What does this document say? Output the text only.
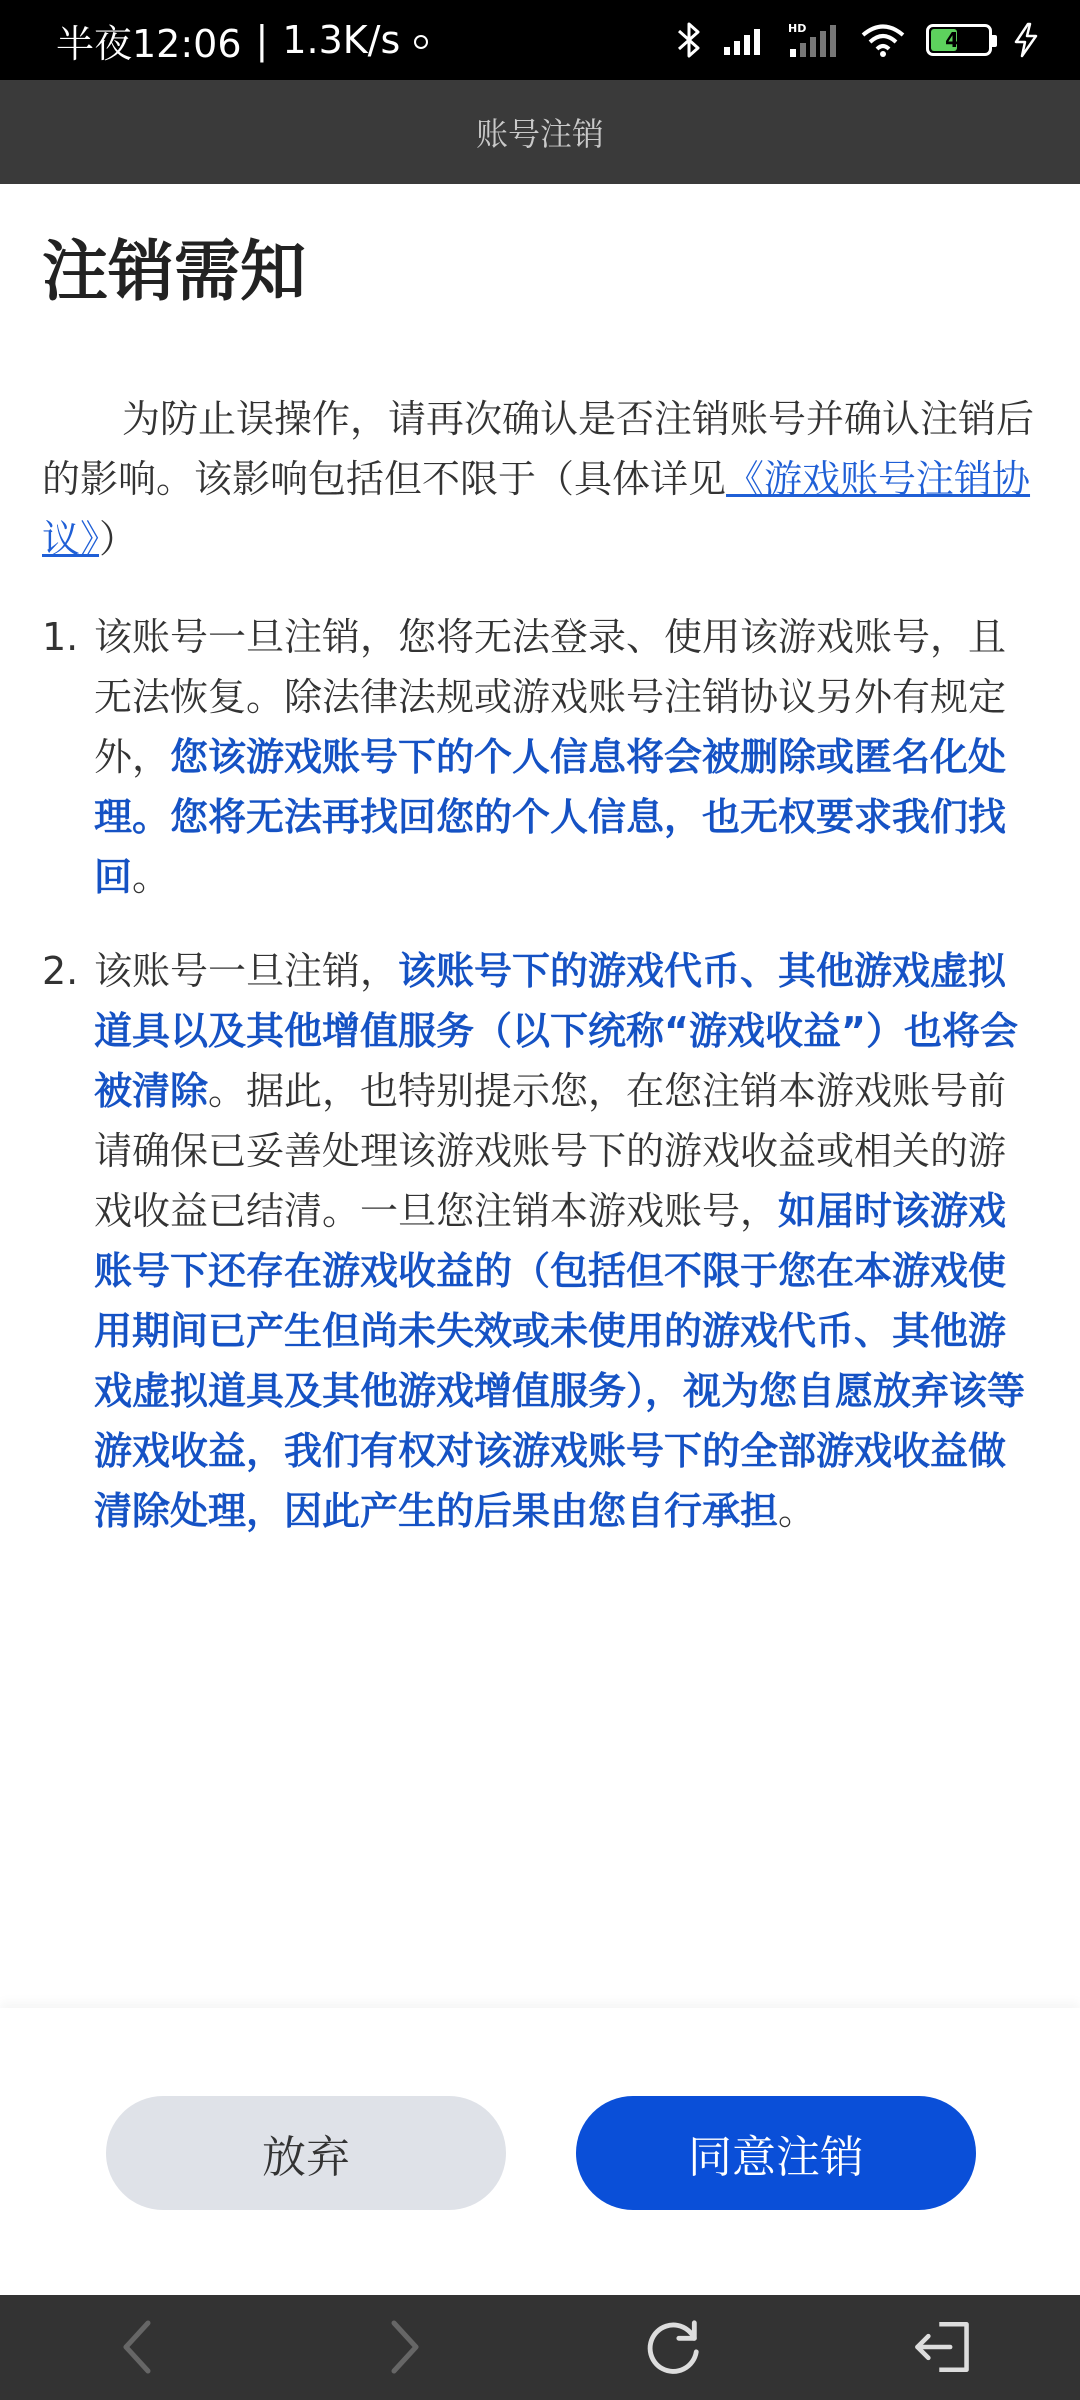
半夜12:06 | 1.3K/s	HD	43
账号注销
注销需知

为防止误操作，请再次确认是否注销账号并确认注销后的影响。该影响包括但不限于（具体详见《游戏账号注销协议》）

1. 该账号一旦注销，您将无法登录、使用该游戏账号，且无法恢复。除法律法规或游戏账号注销协议另外有规定外，您该游戏账号下的个人信息将会被删除或匿名化处理。您将无法再找回您的个人信息，也无权要求我们找回。
2. 该账号一旦注销，该账号下的游戏代币、其他游戏虚拟道具以及其他增值服务（以下统称“游戏收益”）也将会被清除。据此，也特别提示您，在您注销本游戏账号前请确保已妥善处理该游戏账号下的游戏收益或相关的游戏收益已结清。一旦您注销本游戏账号，如届时该游戏账号下还存在游戏收益的（包括但不限于您在本游戏使用期间已产生但尚未失效或未使用的游戏代币、其他游戏虚拟道具及其他游戏增值服务），视为您自愿放弃该等游戏收益，我们有权对该游戏账号下的全部游戏收益做清除处理，因此产生的后果由您自行承担。
放弃	同意注销
